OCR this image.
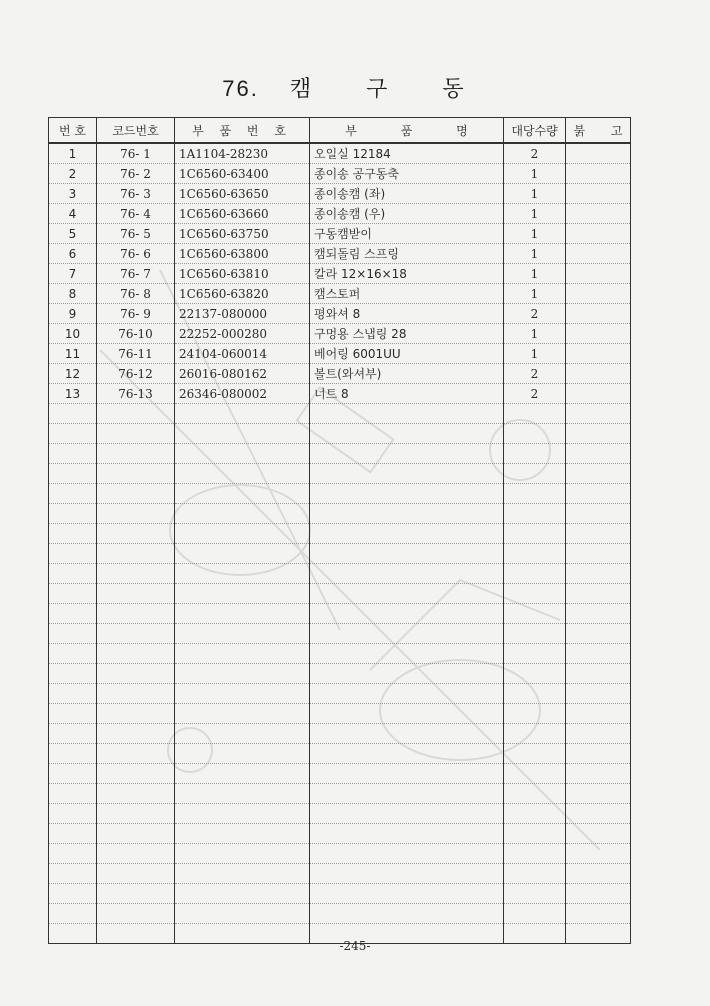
76. 캠 구 동
번 호	코드번호	부 품 번 호	부 품 명	대당수량	붉 고
1	76- 1	1A1104-28230	오일실 12184	2	
2	76- 2	1C6560-63400	종이송 공구동축	1	
3	76- 3	1C6560-63650	종이송캠 (좌)	1	
4	76- 4	1C6560-63660	종이송캠 (우)	1	
5	76- 5	1C6560-63750	구동캠받이	1	
6	76- 6	1C6560-63800	캠되돌림 스프링	1	
7	76- 7	1C6560-63810	칼라 12×16×18	1	
8	76- 8	1C6560-63820	캠스토퍼	1	
9	76- 9	22137-080000	평와셔 8	2	
10	76-10	22252-000280	구멍용 스냅링 28	1	
11	76-11	24104-060014	베어링 6001UU	1	
12	76-12	26016-080162	볼트(와셔부)	2	
13	76-13	26346-080002	너트 8	2	

-245-
